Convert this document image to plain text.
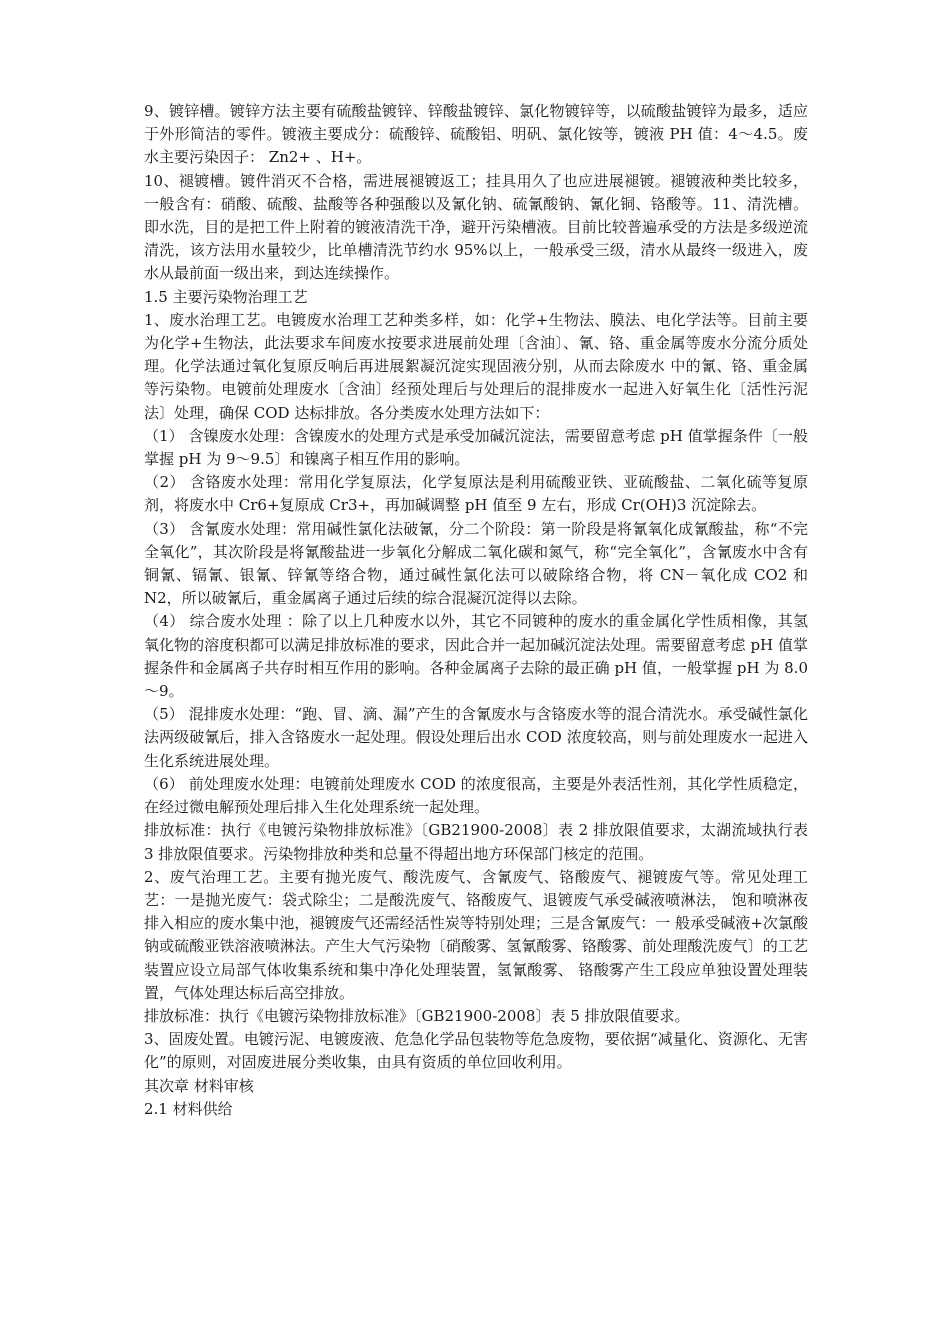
9、镀锌槽。镀锌方法主要有硫酸盐镀锌、锌酸盐镀锌、氯化物镀锌等，以硫酸盐镀锌为最多，适应于外形简洁的零件。镀液主要成分：硫酸锌、硫酸铝、明矾、氯化铵等，镀液 PH 值：4～4.5。废水主要污染因子： Zn2+ 、H+。

10、褪镀槽。镀件消灭不合格，需进展褪镀返工；挂具用久了也应进展褪镀。褪镀液种类比较多，一般含有：硝酸、硫酸、盐酸等各种强酸以及氰化钠、硫氰酸钠、氰化铜、铬酸等。11、清洗槽。即水洗，目的是把工件上附着的镀液清洗干净，避开污染槽液。目前比较普遍承受的方法是多级逆流清洗，该方法用水量较少，比单槽清洗节约水 95%以上，一般承受三级，清水从最终一级进入，废水从最前面一级出来，到达连续操作。

1.5 主要污染物治理工艺

1、废水治理工艺。电镀废水治理工艺种类多样，如：化学+生物法、膜法、电化学法等。目前主要为化学+生物法，此法要求车间废水按要求进展前处理〔含油〕、氰、铬、重金属等废水分流分质处理。化学法通过氧化复原反响后再进展絮凝沉淀实现固液分别，从而去除废水 中的氰、铬、重金属等污染物。电镀前处理废水〔含油〕经预处理后与处理后的混排废水一起进入好氧生化〔活性污泥法〕处理，确保 COD 达标排放。各分类废水处理方法如下：

（1） 含镍废水处理：含镍废水的处理方式是承受加碱沉淀法，需要留意考虑 pH 值掌握条件〔一般掌握 pH 为 9～9.5〕和镍离子相互作用的影响。

（2） 含铬废水处理：常用化学复原法，化学复原法是利用硫酸亚铁、亚硫酸盐、二氧化硫等复原剂，将废水中 Cr6+复原成 Cr3+，再加碱调整 pH 值至 9 左右，形成 Cr(OH)3 沉淀除去。

（3） 含氰废水处理：常用碱性氯化法破氰，分二个阶段：第一阶段是将氰氧化成氰酸盐，称“不完全氧化”，其次阶段是将氰酸盐进一步氧化分解成二氧化碳和氮气，称“完全氧化”，含氰废水中含有铜氰、镉氰、银氰、锌氰等络合物，通过碱性氯化法可以破除络合物，将 CN－氧化成 CO2 和 N2，所以破氰后，重金属离子通过后续的综合混凝沉淀得以去除。

（4） 综合废水处理 ：除了以上几种废水以外，其它不同镀种的废水的重金属化学性质相像，其氢氧化物的溶度积都可以满足排放标准的要求，因此合并一起加碱沉淀法处理。需要留意考虑 pH 值掌握条件和金属离子共存时相互作用的影响。各种金属离子去除的最正确 pH 值，一般掌握 pH 为 8.0～9。

（5） 混排废水处理：“跑、冒、滴、漏”产生的含氰废水与含铬废水等的混合清洗水。承受碱性氯化法两级破氰后，排入含铬废水一起处理。假设处理后出水 COD 浓度较高，则与前处理废水一起进入生化系统进展处理。

（6） 前处理废水处理：电镀前处理废水 COD 的浓度很高，主要是外表活性剂，其化学性质稳定，在经过微电解预处理后排入生化处理系统一起处理。

排放标准：执行《电镀污染物排放标准》〔GB21900-2008〕表 2 排放限值要求，太湖流域执行表 3 排放限值要求。污染物排放种类和总量不得超出地方环保部门核定的范围。

2、废气治理工艺。主要有抛光废气、酸洗废气、含氰废气、铬酸废气、褪镀废气等。常见处理工艺：一是抛光废气：袋式除尘；二是酸洗废气、铬酸废气、退镀废气承受碱液喷淋法， 饱和喷淋夜排入相应的废水集中池，褪镀废气还需经活性炭等特别处理；三是含氰废气：一 般承受碱液+次氯酸钠或硫酸亚铁溶液喷淋法。产生大气污染物〔硝酸雾、氢氰酸雾、铬酸雾、前处理酸洗废气〕的工艺装置应设立局部气体收集系统和集中净化处理装置，氢氰酸雾、 铬酸雾产生工段应单独设置处理装置，气体处理达标后高空排放。

排放标准：执行《电镀污染物排放标准》〔GB21900-2008〕表 5 排放限值要求。

3、固废处置。电镀污泥、电镀废液、危急化学品包装物等危急废物，要依据“减量化、资源化、无害化”的原则，对固废进展分类收集，由具有资质的单位回收利用。

其次章 材料审核

2.1 材料供给
